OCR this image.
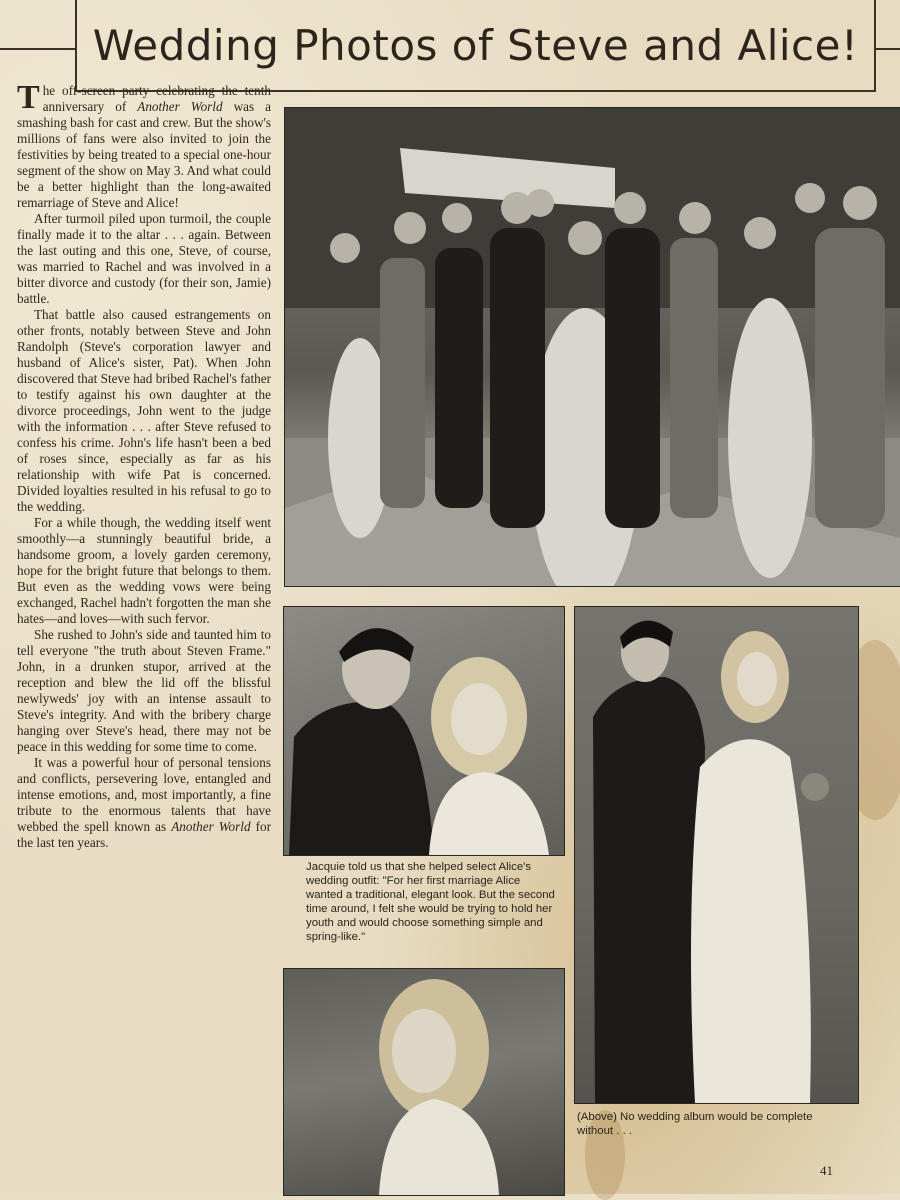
Wedding Photos of Steve and Alice!

The off-screen party celebrating the tenth anniversary of Another World was a smashing bash for cast and crew. But the show's millions of fans were also invited to join the festivities by being treated to a special one-hour segment of the show on May 3. And what could be a better highlight than the long-awaited remarriage of Steve and Alice!

After turmoil piled upon turmoil, the couple finally made it to the altar . . . again. Between the last outing and this one, Steve, of course, was married to Rachel and was involved in a bitter divorce and custody (for their son, Jamie) battle.

That battle also caused estrangements on other fronts, notably between Steve and John Randolph (Steve's corporation lawyer and husband of Alice's sister, Pat). When John discovered that Steve had bribed Rachel's father to testify against his own daughter at the divorce proceedings, John went to the judge with the information . . . after Steve refused to confess his crime. John's life hasn't been a bed of roses since, especially as far as his relationship with wife Pat is concerned. Divided loyalties resulted in his refusal to go to the wedding.

For a while though, the wedding itself went smoothly—a stunningly beautiful bride, a handsome groom, a lovely garden ceremony, hope for the bright future that belongs to them. But even as the wedding vows were being exchanged, Rachel hadn't forgotten the man she hates—and loves—with such fervor.

She rushed to John's side and taunted him to tell everyone "the truth about Steven Frame." John, in a drunken stupor, arrived at the reception and blew the lid off the blissful newlyweds' joy with an intense assault to Steve's integrity. And with the bribery charge hanging over Steve's head, there may not be peace in this wedding for some time to come.

It was a powerful hour of personal tensions and conflicts, persevering love, entangled and intense emotions, and, most importantly, a fine tribute to the enormous talents that have webbed the spell known as Another World for the last ten years.

Jacquie told us that she helped select Alice's wedding outfit: "For her first marriage Alice wanted a traditional, elegant look. But the second time around, I felt she would be trying to hold her youth and would choose something simple and spring-like."
(Above) No wedding album would be complete without . . .
41
